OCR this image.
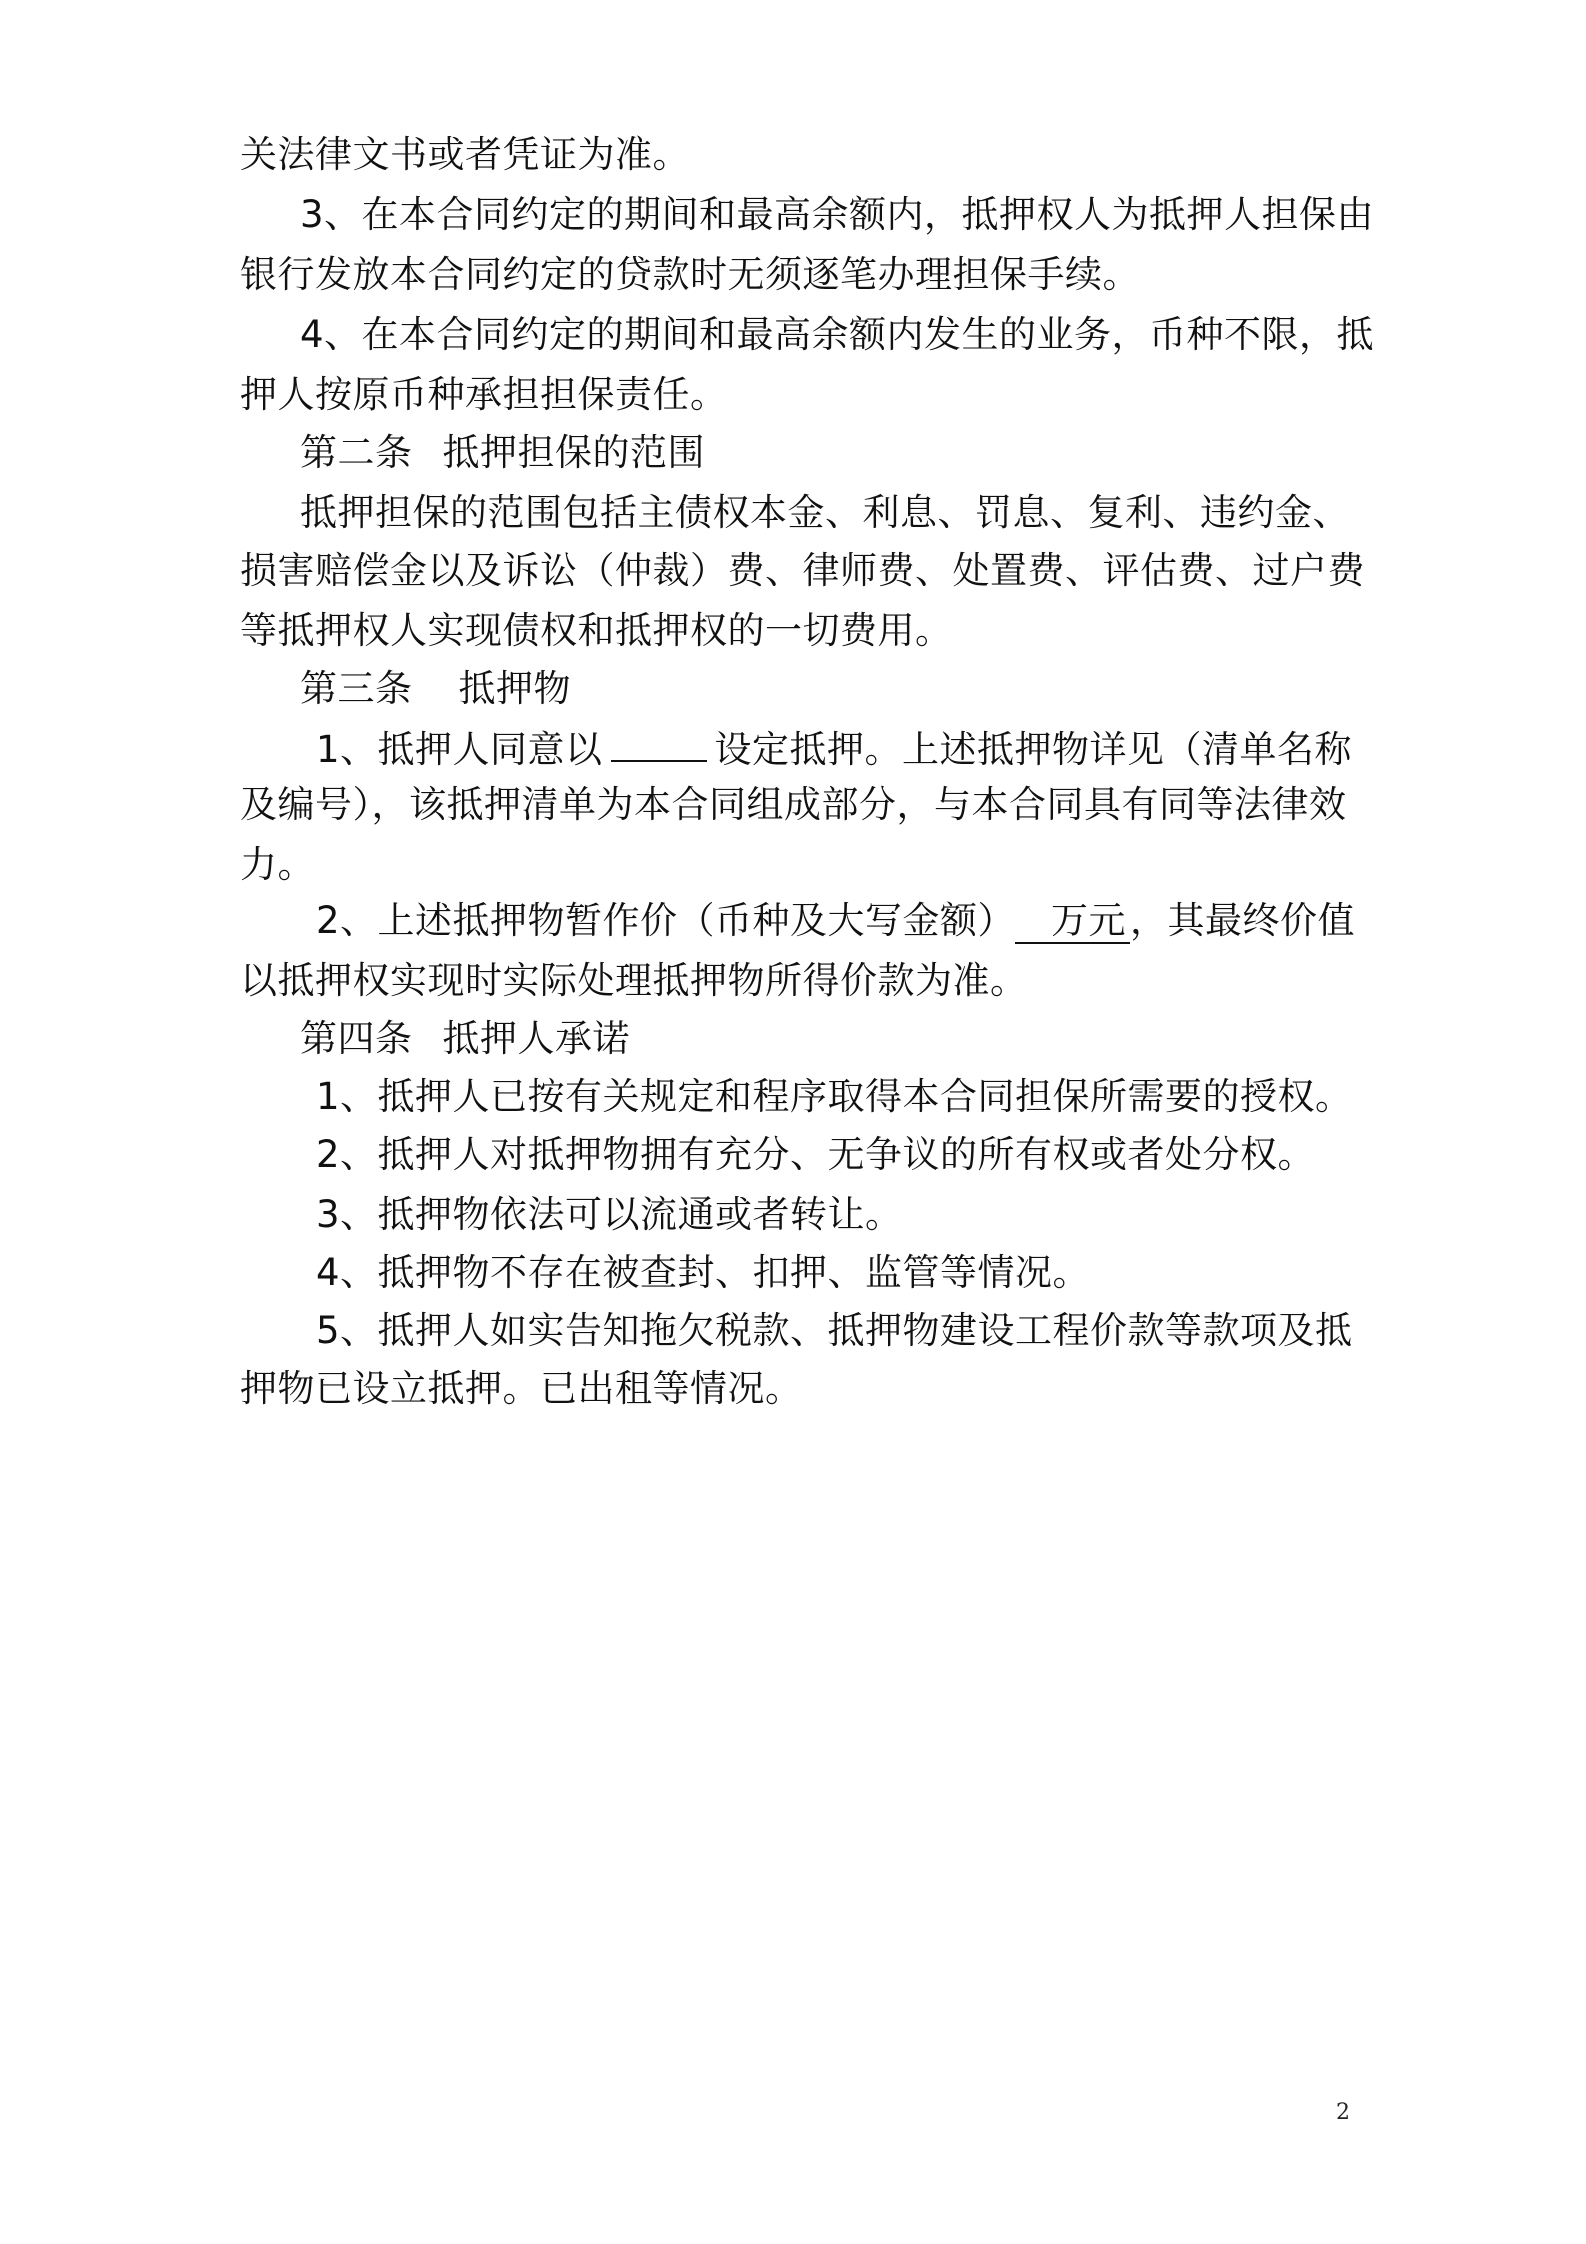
关法律文书或者凭证为准。
3、在本合同约定的期间和最高余额内，抵押权人为抵押人担保由
银行发放本合同约定的贷款时无须逐笔办理担保手续。
4、在本合同约定的期间和最高余额内发生的业务，币种不限，抵
押人按原币种承担担保责任。
第二条 抵押担保的范围
抵押担保的范围包括主债权本金、利息、罚息、复利、违约金、
损害赔偿金以及诉讼（仲裁）费、律师费、处置费、评估费、过户费
等抵押权人实现债权和抵押权的一切费用。
第三条 抵押物
1、抵押人同意以	设定抵押。上述抵押物详见（清单名称
及编号），该抵押清单为本合同组成部分，与本合同具有同等法律效
力。
2、上述抵押物暂作价（币种及大写金额） 万元 ，其最终价值
以抵押权实现时实际处理抵押物所得价款为准。
第四条 抵押人承诺
1、抵押人已按有关规定和程序取得本合同担保所需要的授权。
2、抵押人对抵押物拥有充分、无争议的所有权或者处分权。
3、抵押物依法可以流通或者转让。
4、抵押物不存在被查封、扣押、监管等情况。
5、抵押人如实告知拖欠税款、抵押物建设工程价款等款项及抵
押物已设立抵押。已出租等情况。
2
